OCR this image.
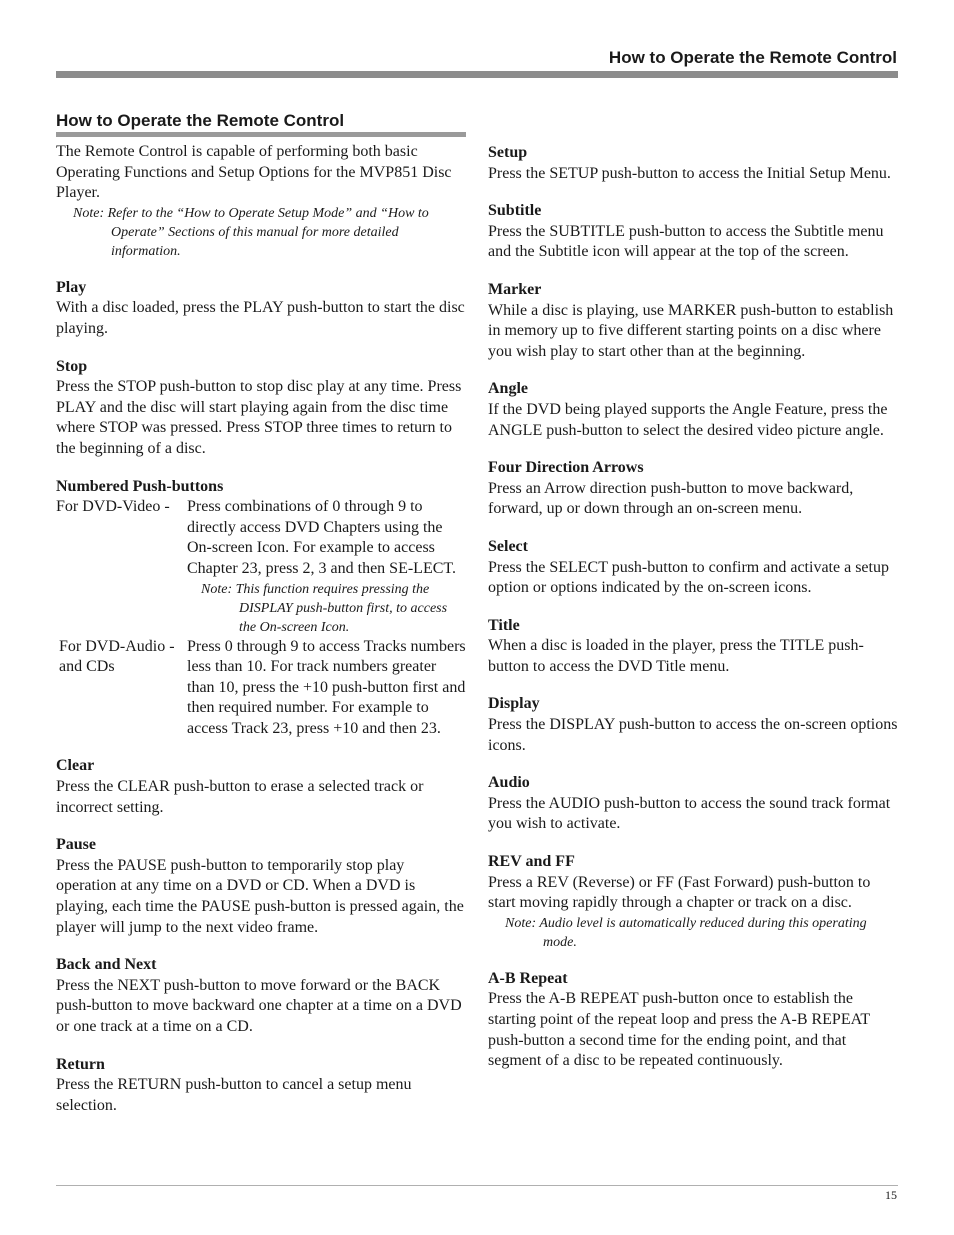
How to Operate the Remote Control
How to Operate the Remote Control

The Remote Control is capable of performing both basic Operating Functions and Setup Options for the MVP851 Disc Player.

Note: Refer to the “How to Operate Setup Mode” and “How to Operate” Sections of this manual for more detailed information.

Play

With a disc loaded, press the PLAY push-button to start the disc playing.

Stop

Press the STOP push-button to stop disc play at any time. Press PLAY and the disc will start playing again from the disc time where STOP was pressed. Press STOP three times to return to the beginning of a disc.

Numbered Push-buttons

For DVD-Video - Press combinations of 0 through 9 to directly access DVD Chapters using the On-screen Icon. For example to access Chapter 23, press 2, 3 and then SE-LECT.

Note: This function requires pressing the DISPLAY push-button first, to access the On-screen Icon.

For DVD-Audio - and CDs

Press 0 through 9 to access Tracks numbers less than 10. For track numbers greater than 10, press the +10 push-button first and then required number. For example to access Track 23, press +10 and then 23.

Clear

Press the CLEAR push-button to erase a selected track or incorrect setting.

Pause

Press the PAUSE push-button to temporarily stop play operation at any time on a DVD or CD. When a DVD is playing, each time the PAUSE push-button is pressed again, the player will jump to the next video frame.

Back and Next

Press the NEXT push-button to move forward or the BACK push-button to move backward one chapter at a time on a DVD or one track at a time on a CD.

Return

Press the RETURN push-button to cancel a setup menu selection.

Setup

Press the SETUP push-button to access the Initial Setup Menu.

Subtitle

Press the SUBTITLE push-button to access the Subtitle menu and the Subtitle icon will appear at the top of the screen.

Marker

While a disc is playing, use MARKER push-button to establish in memory up to five different starting points on a disc where you wish play to start other than at the beginning.

Angle

If the DVD being played supports the Angle Feature, press the ANGLE push-button to select the desired video picture angle.

Four Direction Arrows

Press an Arrow direction push-button to move backward, forward, up or down through an on-screen menu.

Select

Press the SELECT push-button to confirm and activate a setup option or options indicated by the on-screen icons.

Title

When a disc is loaded in the player, press the TITLE push-button to access the DVD Title menu.

Display

Press the DISPLAY push-button to access the on-screen options icons.

Audio

Press the AUDIO push-button to access the sound track format you wish to activate.

REV and FF

Press a REV (Reverse) or FF (Fast Forward) push-button to start moving rapidly through a chapter or track on a disc.

Note: Audio level is automatically reduced during this operating mode.

A-B Repeat

Press the A-B REPEAT push-button once to establish the starting point of the repeat loop and press the A-B REPEAT push-button a second time for the ending point, and that segment of a disc to be repeated continuously.

15
